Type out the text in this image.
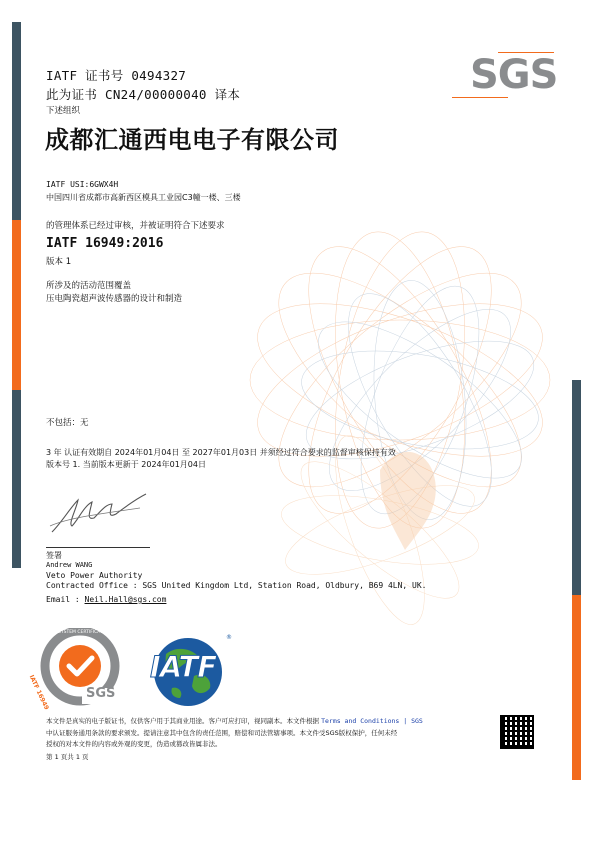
SGS
IATF 证书号 0494327
此为证书 CN24/00000040 译本
下述组织
成都汇通西电电子有限公司
IATF USI:6GWX4H
中国四川省成都市高新西区模具工业园C3幢一楼、三楼
的管理体系已经过审核，并被证明符合下述要求
IATF 16949:2016
版本 1
所涉及的活动范围覆盖
压电陶瓷超声波传感器的设计和制造
不包括： 无
3 年 认证有效期自 2024年01月04日 至 2027年01月03日 并须经过符合要求的监督审核保持有效
版本号 1. 当前版本更新于 2024年01月04日
签署
Andrew WANG
Veto Power Authority
Contracted Office : SGS United Kingdom Ltd, Station Road, Oldbury, B69 4LN, UK.
Email : Neil.Hall@sgs.com
SYSTEM CERTIFICATION
IATF 16949	SGS
IATF
®
本文件是真实的电子版证书，仅供客户用于其商业用途。客户可应打印，视同副本。本文件根据 Terms and Conditions | SGS
中认证服务通用条款的要求颁发。提请注意其中包含的责任范围，赔偿和司法管辖事项。本文件受SGS版权保护，任何未经
授权的对本文件的内容或外观的变更，伪造或篡改皆属非法。
第 1 页共 1 页
